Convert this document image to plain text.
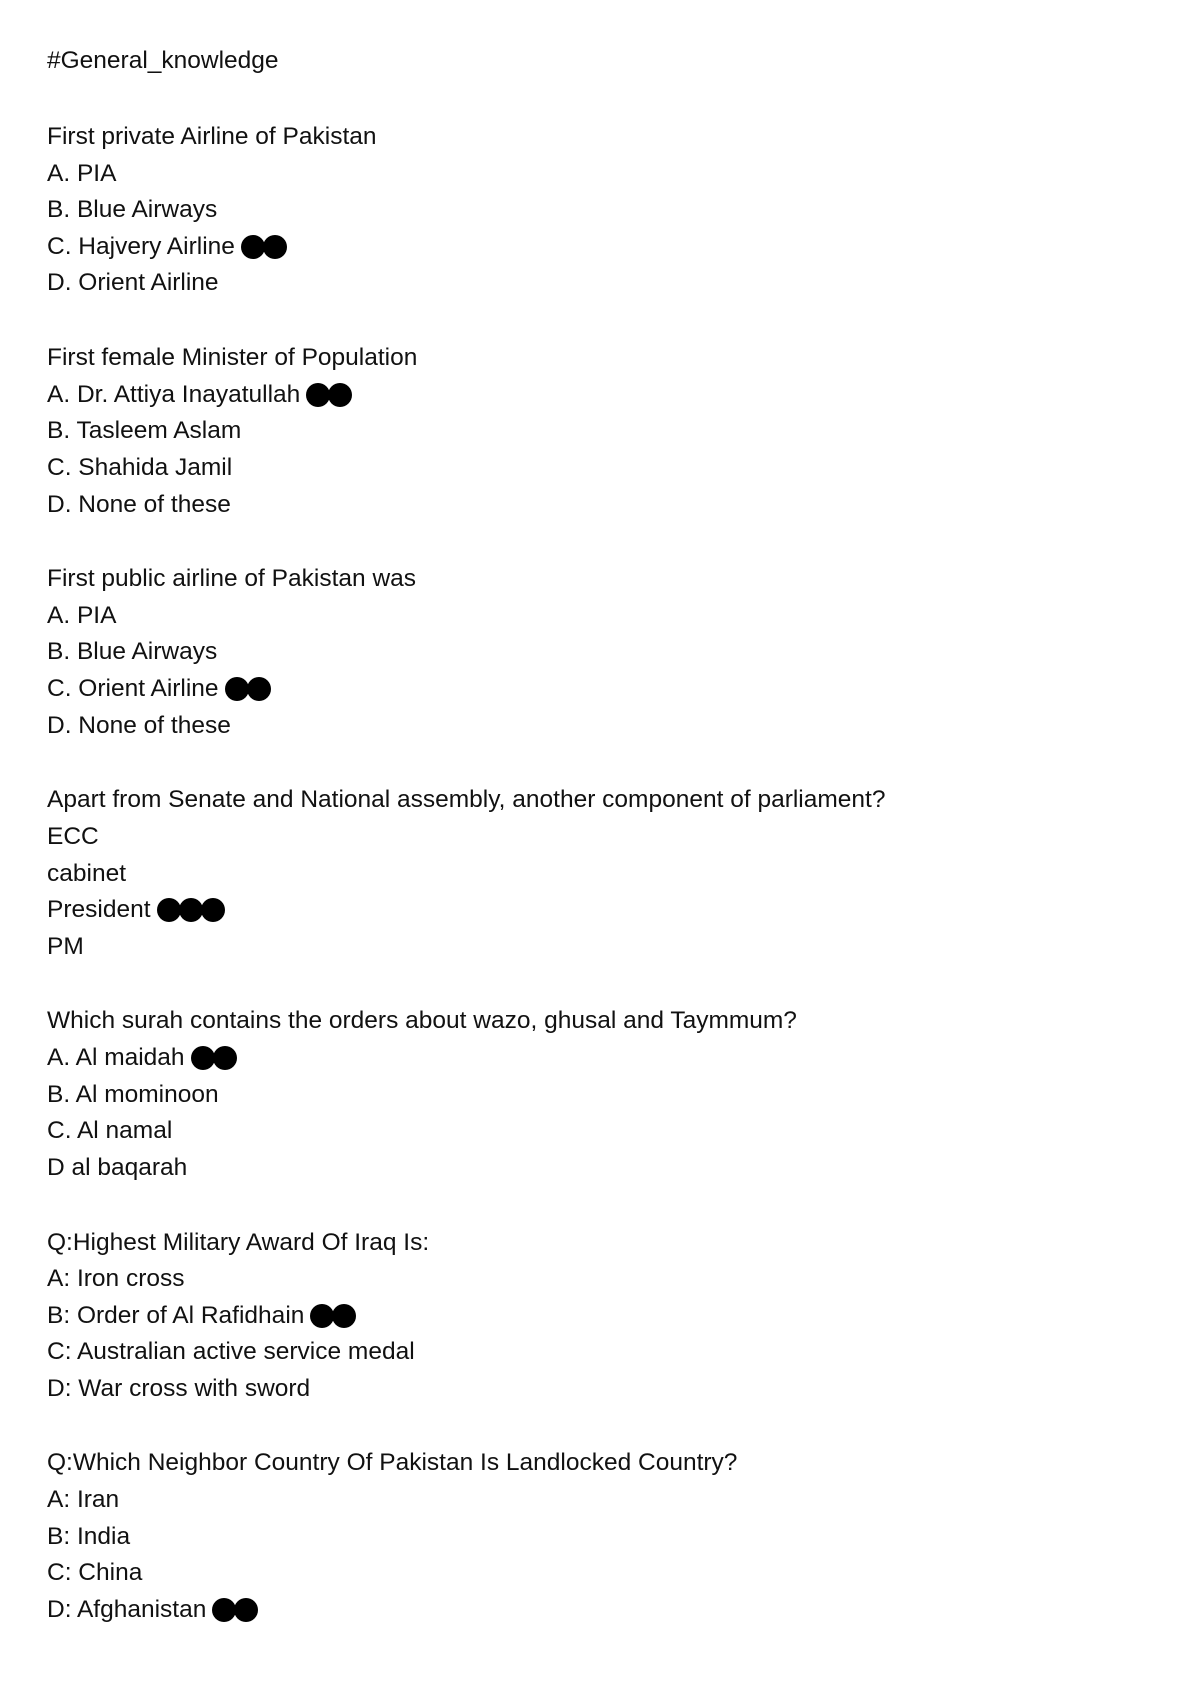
#General_knowledge
First private Airline of Pakistan
A. PIA
B. Blue Airways
C. Hajvery Airline
D. Orient Airline
First female Minister of Population
A. Dr. Attiya Inayatullah
B. Tasleem Aslam
C. Shahida Jamil
D. None of these
First public airline of Pakistan was
A. PIA
B. Blue Airways
C. Orient Airline
D. None of these
Apart from Senate and National assembly, another component of parliament?
ECC
cabinet
President
PM
Which surah contains the orders about wazo, ghusal and Taymmum?
A. Al maidah
B. Al mominoon
C. Al namal
D al baqarah
Q:Highest Military Award Of Iraq Is:
A: Iron cross
B: Order of Al Rafidhain
C: Australian active service medal
D: War cross with sword
Q:Which Neighbor Country Of Pakistan Is Landlocked Country?
A: Iran
B: India
C: China
D: Afghanistan
